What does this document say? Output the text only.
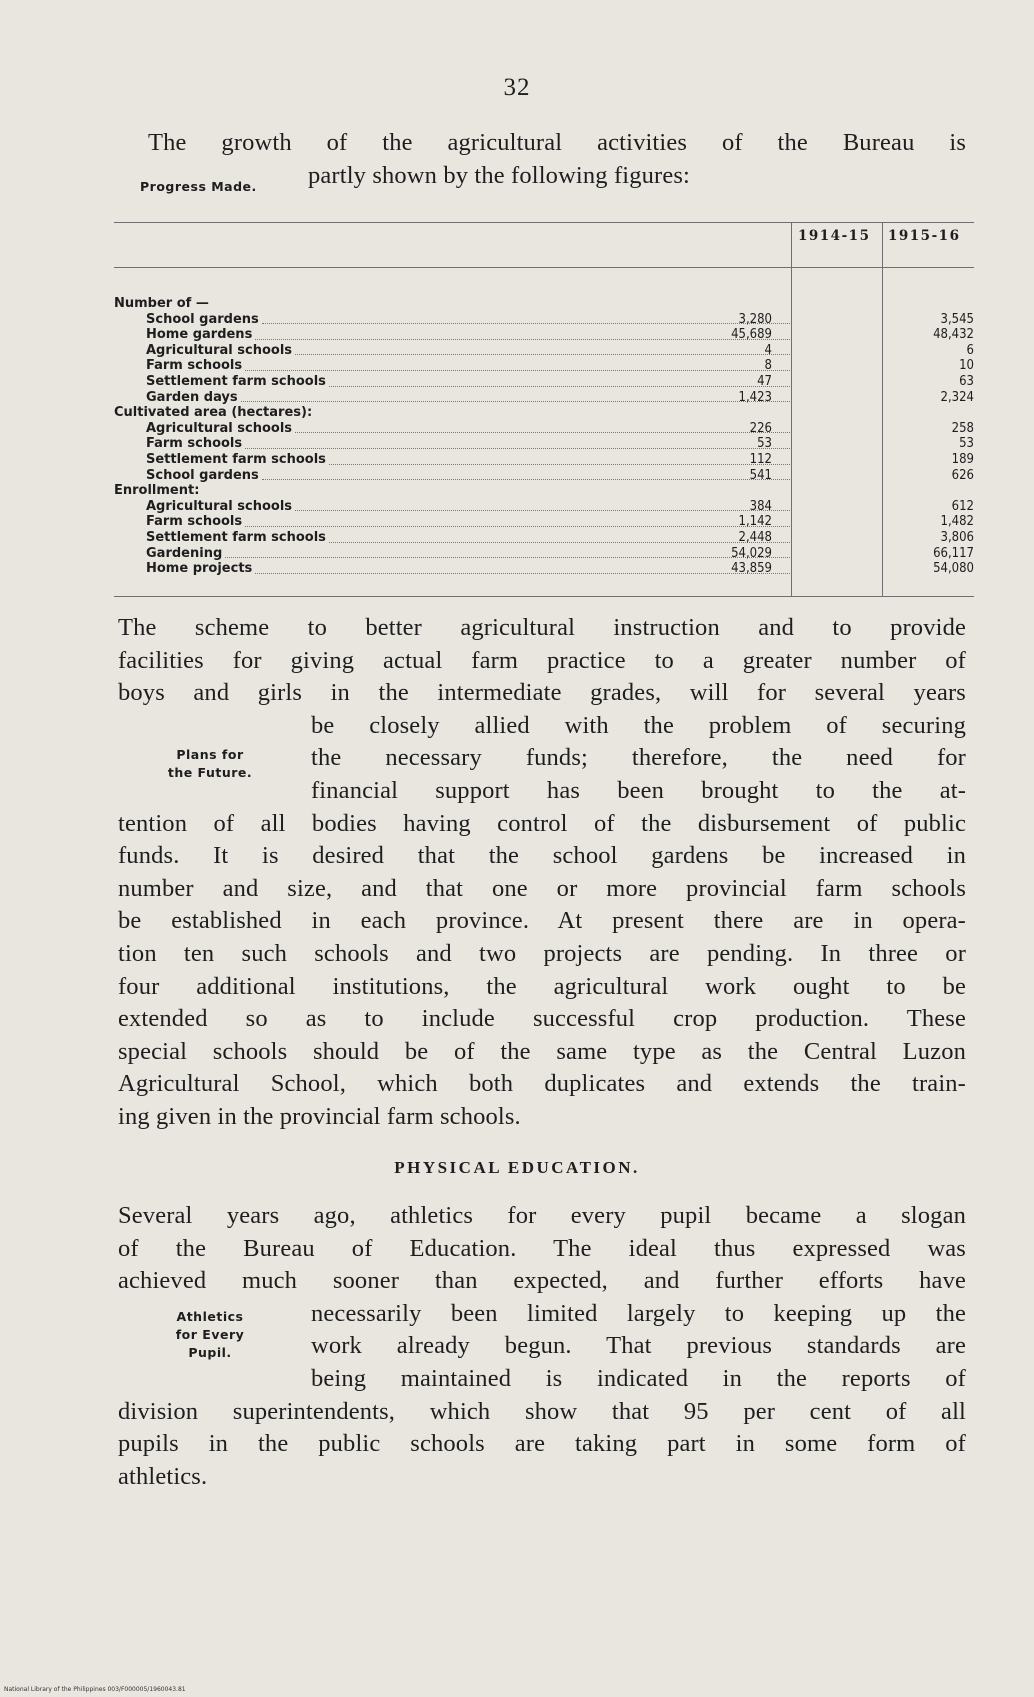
32
The growth of the agricultural activities of the Bureau is
partly shown by the following figures:
Progress Made.
1914-15 1915-16
Number of —
School gardens	3,280	3,545
Home gardens	45,689	48,432
Agricultural schools	4	6
Farm schools	8	10
Settlement farm schools	47	63
Garden days	1,423	2,324
Cultivated area (hectares):
Agricultural schools	226	258
Farm schools	53	53
Settlement farm schools	112	189
School gardens	541	626
Enrollment:
Agricultural schools	384	612
Farm schools	1,142	1,482
Settlement farm schools	2,448	3,806
Gardening	54,029	66,117
Home projects	43,859	54,080
The scheme to better agricultural instruction and to provide
facilities for giving actual farm practice to a greater number of
boys and girls in the intermediate grades, will for several years
be closely allied with the problem of securing
the necessary funds; therefore, the need for
financial support has been brought to the at-
tention of all bodies having control of the disbursement of public
funds. It is desired that the school gardens be increased in
number and size, and that one or more provincial farm schools
be established in each province. At present there are in opera-
tion ten such schools and two projects are pending. In three or
four additional institutions, the agricultural work ought to be
extended so as to include successful crop production. These
special schools should be of the same type as the Central Luzon
Agricultural School, which both duplicates and extends the train-
ing given in the provincial farm schools.
Plans for
the Future.
PHYSICAL EDUCATION.
Several years ago, athletics for every pupil became a slogan
of the Bureau of Education. The ideal thus expressed was
achieved much sooner than expected, and further efforts have
necessarily been limited largely to keeping up the
work already begun. That previous standards are
being maintained is indicated in the reports of
division superintendents, which show that 95 per cent of all
pupils in the public schools are taking part in some form of
athletics.
Athletics
for Every
Pupil.
National Library of the Philippines 003/F000005/1960043.81
